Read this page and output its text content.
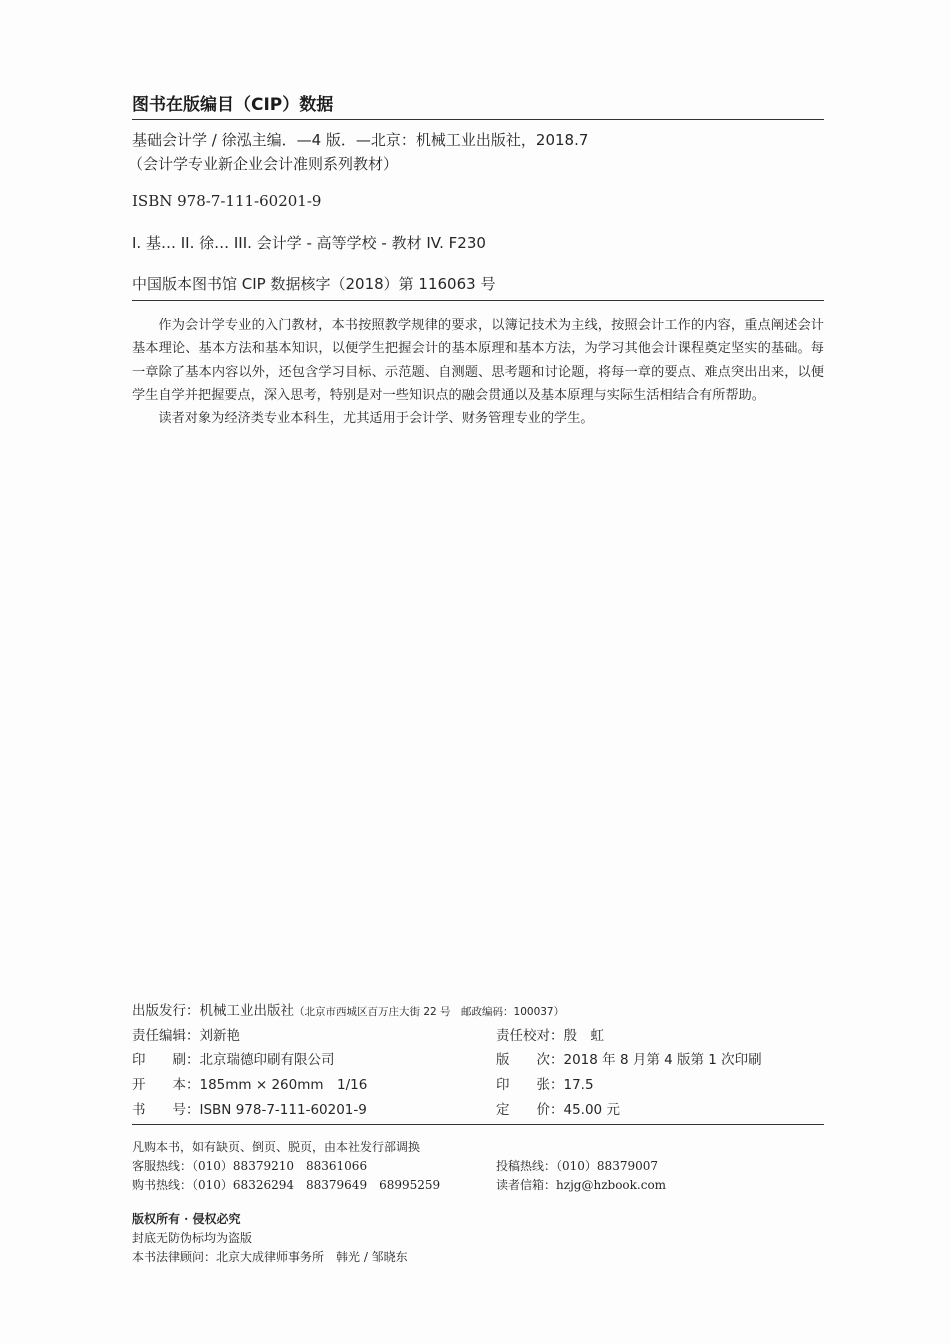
图书在版编目（CIP）数据
基础会计学 / 徐泓主编．—4 版．—北京：机械工业出版社，2018.7
（会计学专业新企业会计准则系列教材）
ISBN 978-7-111-60201-9
I. 基… II. 徐… III. 会计学 - 高等学校 - 教材 IV. F230
中国版本图书馆 CIP 数据核字（2018）第 116063 号

作为会计学专业的入门教材，本书按照教学规律的要求，以簿记技术为主线，按照会计工作的内容，重点阐述会计基本理论、基本方法和基本知识，以便学生把握会计的基本原理和基本方法，为学习其他会计课程奠定坚实的基础。每一章除了基本内容以外，还包含学习目标、示范题、自测题、思考题和讨论题，将每一章的要点、难点突出出来，以便学生自学并把握要点，深入思考，特别是对一些知识点的融会贯通以及基本原理与实际生活相结合有所帮助。

读者对象为经济类专业本科生，尤其适用于会计学、财务管理专业的学生。

出版发行：机械工业出版社（北京市西城区百万庄大街 22 号　邮政编码：100037）
责任编辑：刘新艳	责任校对：殷　虹
印　　刷：北京瑞德印刷有限公司	版　　次：2018 年 8 月第 4 版第 1 次印刷
开　　本：185mm × 260mm　1/16	印　　张：17.5
书　　号：ISBN 978-7-111-60201-9	定　　价：45.00 元
凡购本书，如有缺页、倒页、脱页，由本社发行部调换
客服热线：（010）88379210　88361066	投稿热线：（010）88379007
购书热线：（010）68326294　88379649　68995259	读者信箱：hzjg@hzbook.com
版权所有 · 侵权必究
封底无防伪标均为盗版
本书法律顾问：北京大成律师事务所　韩光 / 邹晓东
